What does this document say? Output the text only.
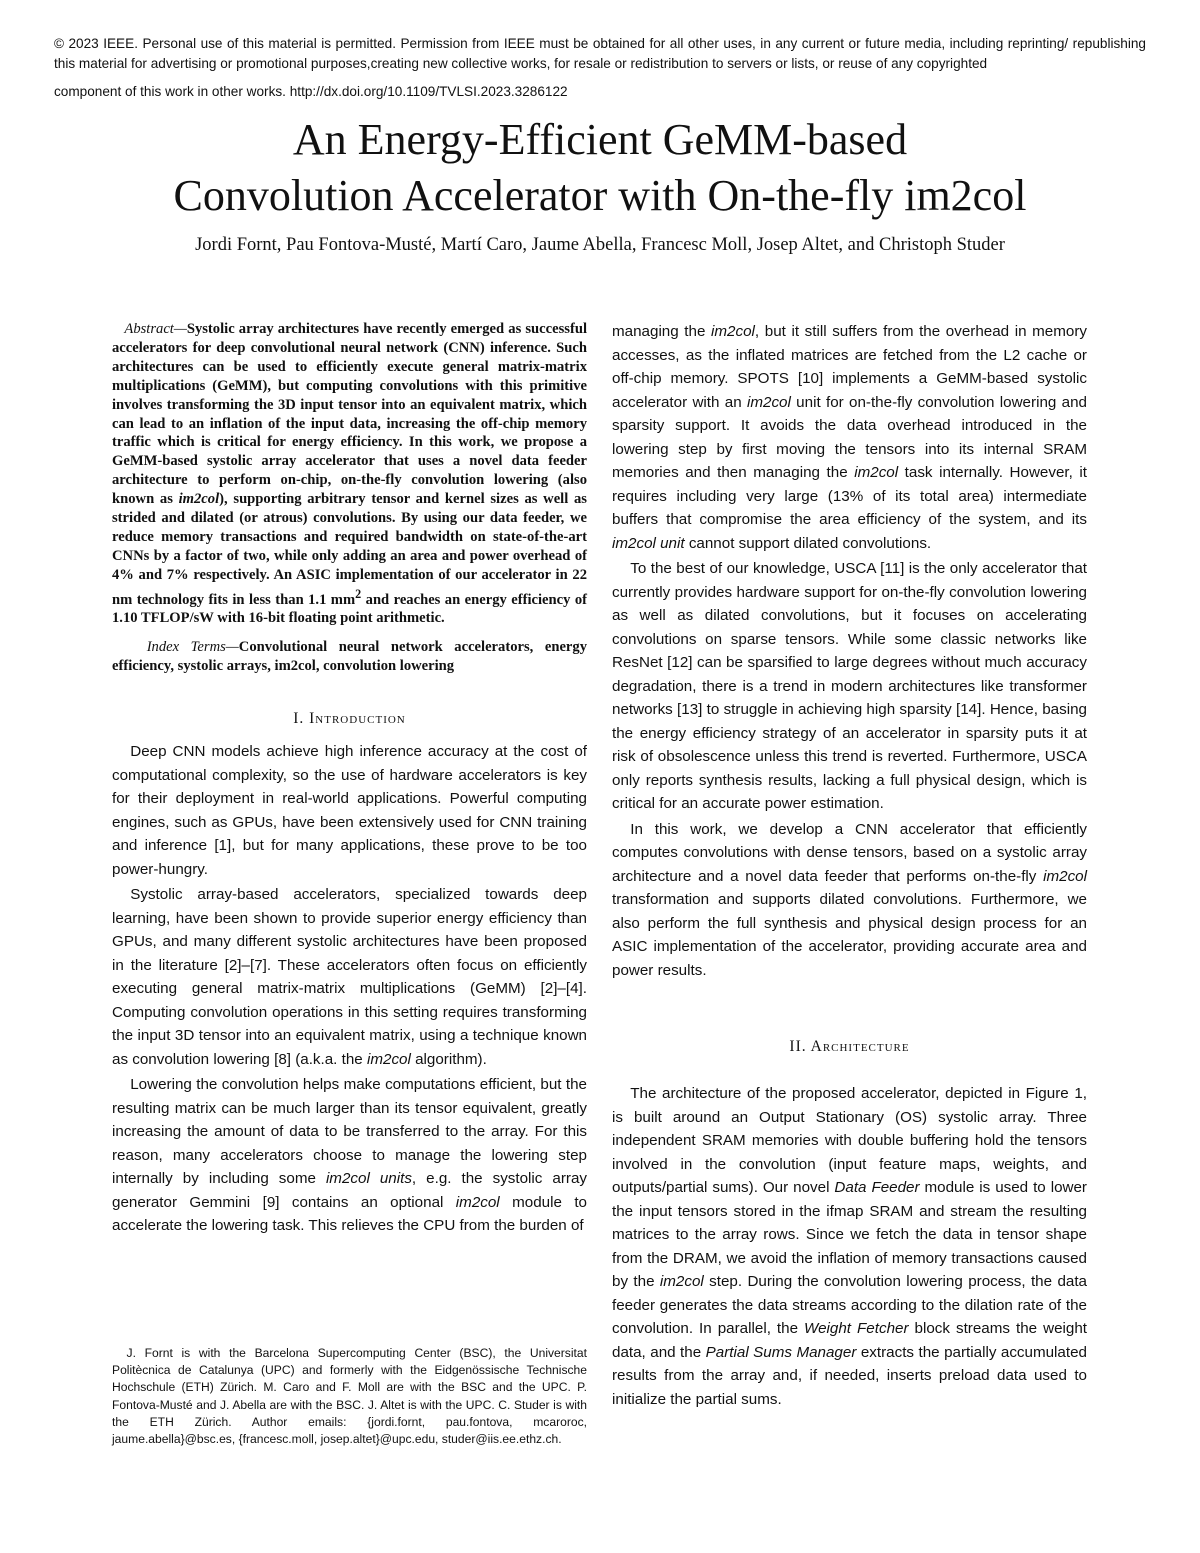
© 2023 IEEE. Personal use of this material is permitted. Permission from IEEE must be obtained for all other uses, in any current or future media, including reprinting/ republishing this material for advertising or promotional purposes,creating new collective works, for resale or redistribution to servers or lists, or reuse of any copyrighted

component of this work in other works. http://dx.doi.org/10.1109/TVLSI.2023.3286122

An Energy-Efficient GeMM-based
Convolution Accelerator with On-the-fly im2col
Jordi Fornt, Pau Fontova-Musté, Martí Caro, Jaume Abella, Francesc Moll, Josep Altet, and Christoph Studer

Abstract—Systolic array architectures have recently emerged as successful accelerators for deep convolutional neural network (CNN) inference. Such architectures can be used to efficiently execute general matrix-matrix multiplications (GeMM), but computing convolutions with this primitive involves transforming the 3D input tensor into an equivalent matrix, which can lead to an inflation of the input data, increasing the off-chip memory traffic which is critical for energy efficiency. In this work, we propose a GeMM-based systolic array accelerator that uses a novel data feeder architecture to perform on-chip, on-the-fly convolution lowering (also known as im2col), supporting arbitrary tensor and kernel sizes as well as strided and dilated (or atrous) convolutions. By using our data feeder, we reduce memory transactions and required bandwidth on state-of-the-art CNNs by a factor of two, while only adding an area and power overhead of 4% and 7% respectively. An ASIC implementation of our accelerator in 22 nm technology fits in less than 1.1 $mm^2$ and reaches an energy efficiency of 1.10 TFLOP/sW with 16-bit floating point arithmetic.

Index Terms—Convolutional neural network accelerators, energy efficiency, systolic arrays, im2col, convolution lowering

I. Introduction

Deep CNN models achieve high inference accuracy at the cost of computational complexity, so the use of hardware accelerators is key for their deployment in real-world applications. Powerful computing engines, such as GPUs, have been extensively used for CNN training and inference [1], but for many applications, these prove to be too power-hungry.

Systolic array-based accelerators, specialized towards deep learning, have been shown to provide superior energy efficiency than GPUs, and many different systolic architectures have been proposed in the literature [2]–[7]. These accelerators often focus on efficiently executing general matrix-matrix multiplications (GeMM) [2]–[4]. Computing convolution operations in this setting requires transforming the input 3D tensor into an equivalent matrix, using a technique known as convolution lowering [8] (a.k.a. the im2col algorithm).

Lowering the convolution helps make computations efficient, but the resulting matrix can be much larger than its tensor equivalent, greatly increasing the amount of data to be transferred to the array. For this reason, many accelerators choose to manage the lowering step internally by including some im2col units, e.g. the systolic array generator Gemmini [9] contains an optional im2col module to accelerate the lowering task. This relieves the CPU from the burden of

J. Fornt is with the Barcelona Supercomputing Center (BSC), the Universitat Politècnica de Catalunya (UPC) and formerly with the Eidgenössische Technische Hochschule (ETH) Zürich. M. Caro and F. Moll are with the BSC and the UPC. P. Fontova-Musté and J. Abella are with the BSC. J. Altet is with the UPC. C. Studer is with the ETH Zürich. Author emails: {jordi.fornt, pau.fontova, mcaroroc, jaume.abella}@bsc.es, {francesc.moll, josep.altet}@upc.edu, studer@iis.ee.ethz.ch.

managing the im2col, but it still suffers from the overhead in memory accesses, as the inflated matrices are fetched from the L2 cache or off-chip memory. SPOTS [10] implements a GeMM-based systolic accelerator with an im2col unit for on-the-fly convolution lowering and sparsity support. It avoids the data overhead introduced in the lowering step by first moving the tensors into its internal SRAM memories and then managing the im2col task internally. However, it requires including very large (13% of its total area) intermediate buffers that compromise the area efficiency of the system, and its im2col unit cannot support dilated convolutions.

To the best of our knowledge, USCA [11] is the only accelerator that currently provides hardware support for on-the-fly convolution lowering as well as dilated convolutions, but it focuses on accelerating convolutions on sparse tensors. While some classic networks like ResNet [12] can be sparsified to large degrees without much accuracy degradation, there is a trend in modern architectures like transformer networks [13] to struggle in achieving high sparsity [14]. Hence, basing the energy efficiency strategy of an accelerator in sparsity puts it at risk of obsolescence unless this trend is reverted. Furthermore, USCA only reports synthesis results, lacking a full physical design, which is critical for an accurate power estimation.

In this work, we develop a CNN accelerator that efficiently computes convolutions with dense tensors, based on a systolic array architecture and a novel data feeder that performs on-the-fly im2col transformation and supports dilated convolutions. Furthermore, we also perform the full synthesis and physical design process for an ASIC implementation of the accelerator, providing accurate area and power results.

II. Architecture

The architecture of the proposed accelerator, depicted in Figure 1, is built around an Output Stationary (OS) systolic array. Three independent SRAM memories with double buffering hold the tensors involved in the convolution (input feature maps, weights, and outputs/partial sums). Our novel Data Feeder module is used to lower the input tensors stored in the ifmap SRAM and stream the resulting matrices to the array rows. Since we fetch the data in tensor shape from the DRAM, we avoid the inflation of memory transactions caused by the im2col step. During the convolution lowering process, the data feeder generates the data streams according to the dilation rate of the convolution. In parallel, the Weight Fetcher block streams the weight data, and the Partial Sums Manager extracts the partially accumulated results from the array and, if needed, inserts preload data used to initialize the partial sums.
